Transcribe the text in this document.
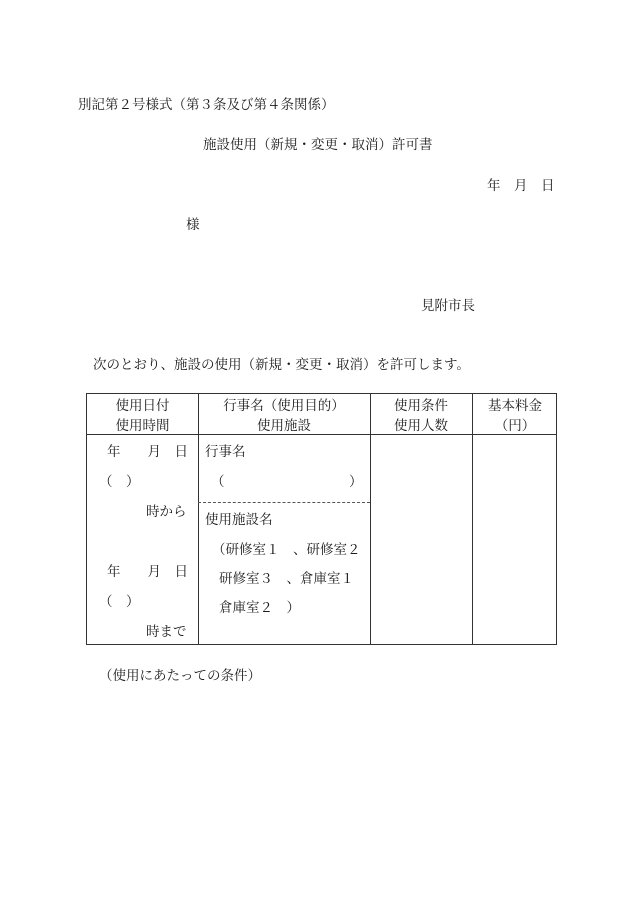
別記第２号様式（第３条及び第４条関係）
施設使用（新規・変更・取消）許可書
年　月　日
様
見附市長
次のとおり、施設の使用（新規・変更・取消）を許可します。
使用日付
使用時間
行事名（使用目的）
使用施設
使用条件
使用人数
基本料金
（円）
年　　月　日
（　）
時から
年　　月　日
（　）
時まで
行事名
（	）
使用施設名
（研修室１　、研修室２
研修室３　、倉庫室１
倉庫室２　）
（使用にあたっての条件）
